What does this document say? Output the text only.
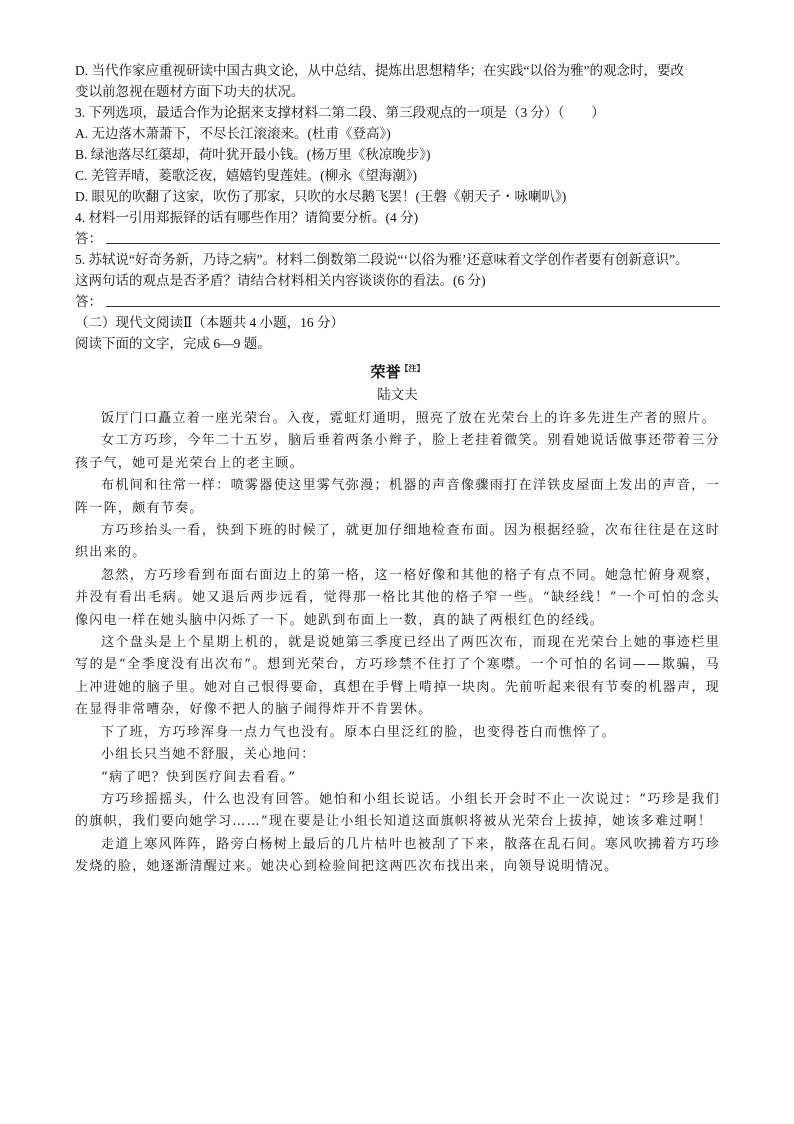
D. 当代作家应重视研读中国古典文论，从中总结、提炼出思想精华；在实践“以俗为雅”的观念时，要改
变以前忽视在题材方面下功夫的状况。
3. 下列选项，最适合作为论据来支撑材料二第二段、第三段观点的一项是（3 分）（　　）
A. 无边落木萧萧下，不尽长江滚滚来。(杜甫《登高》)
B. 绿池落尽红蕖却，荷叶犹开最小钱。(杨万里《秋凉晚步》)
C. 羌管弄晴，菱歌泛夜，嬉嬉钓叟莲娃。(柳永《望海潮》)
D. 眼见的吹翻了这家，吹伤了那家，只吹的水尽鹅飞罢！(王磐《朝天子・咏喇叭》)
4. 材料一引用郑振铎的话有哪些作用？请简要分析。(4 分)
答：
5. 苏轼说“好奇务新，乃诗之病”。材料二倒数第二段说“‘以俗为雅’还意味着文学创作者要有创新意识”。
这两句话的观点是否矛盾？请结合材料相关内容谈谈你的看法。(6 分)
答：
（二）现代文阅读Ⅱ（本题共 4 小题，16 分）
阅读下面的文字，完成 6—9 题。
荣誉$^{【注】}$
陆文夫

饭厅门口矗立着一座光荣台。入夜，霓虹灯通明，照亮了放在光荣台上的许多先进生产者的照片。

女工方巧珍，今年二十五岁，脑后垂着两条小辫子，脸上老挂着微笑。别看她说话做事还带着三分孩子气，她可是光荣台上的老主顾。

布机间和往常一样：喷雾器使这里雾气弥漫；机器的声音像骤雨打在洋铁皮屋面上发出的声音，一阵一阵，颇有节奏。

方巧珍抬头一看，快到下班的时候了，就更加仔细地检查布面。因为根据经验，次布往往是在这时织出来的。

忽然，方巧珍看到布面右面边上的第一格，这一格好像和其他的格子有点不同。她急忙俯身观察，并没有看出毛病。她又退后两步远看，觉得那一格比其他的格子窄一些。“缺经线！”一个可怕的念头像闪电一样在她头脑中闪烁了一下。她趴到布面上一数，真的缺了两根红色的经线。

这个盘头是上个星期上机的，就是说她第三季度已经出了两匹次布，而现在光荣台上她的事迹栏里写的是“全季度没有出次布”。想到光荣台，方巧珍禁不住打了个寒噤。一个可怕的名词——欺骗，马上冲进她的脑子里。她对自己恨得要命，真想在手臂上啃掉一块肉。先前听起来很有节奏的机器声，现在显得非常嘈杂，好像不把人的脑子闹得炸开不肯罢休。

下了班，方巧珍浑身一点力气也没有。原本白里泛红的脸，也变得苍白而憔悴了。

小组长只当她不舒服，关心地问：

“病了吧？快到医疗间去看看。”

方巧珍摇摇头，什么也没有回答。她怕和小组长说话。小组长开会时不止一次说过：“巧珍是我们的旗帜，我们要向她学习……”现在要是让小组长知道这面旗帜将被从光荣台上拔掉，她该多难过啊！

走道上寒风阵阵，路旁白杨树上最后的几片枯叶也被刮了下来，散落在乱石间。寒风吹拂着方巧珍发烧的脸，她逐渐清醒过来。她决心到检验间把这两匹次布找出来，向领导说明情况。
